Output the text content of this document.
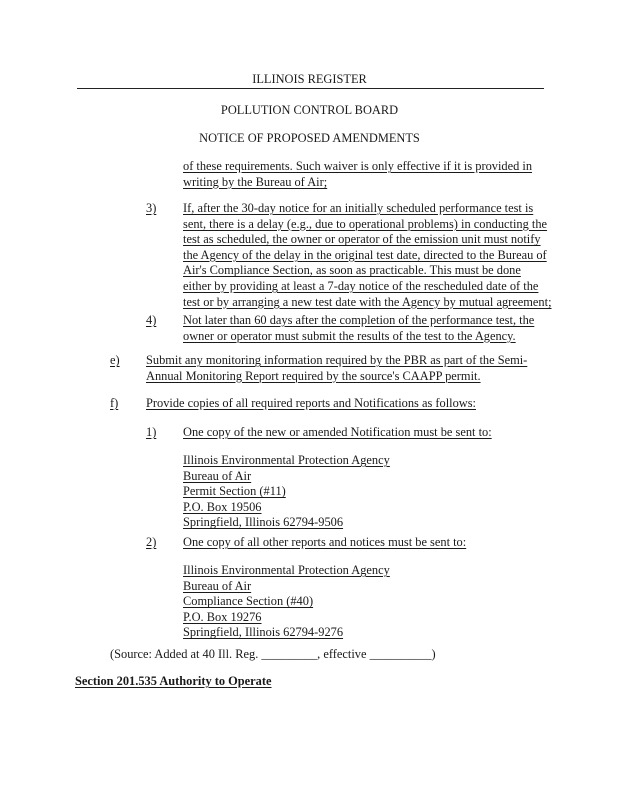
ILLINOIS REGISTER
POLLUTION CONTROL BOARD
NOTICE OF PROPOSED AMENDMENTS
of these requirements. Such waiver is only effective if it is provided in
writing by the Bureau of Air;
3) If, after the 30-day notice for an initially scheduled performance test is
sent, there is a delay (e.g., due to operational problems) in conducting the
test as scheduled, the owner or operator of the emission unit must notify
the Agency of the delay in the original test date, directed to the Bureau of
Air's Compliance Section, as soon as practicable. This must be done
either by providing at least a 7-day notice of the rescheduled date of the
test or by arranging a new test date with the Agency by mutual agreement;
4) Not later than 60 days after the completion of the performance test, the
owner or operator must submit the results of the test to the Agency.
e) Submit any monitoring information required by the PBR as part of the Semi-
Annual Monitoring Report required by the source's CAAPP permit.
f) Provide copies of all required reports and Notifications as follows:
1) One copy of the new or amended Notification must be sent to:
Illinois Environmental Protection Agency
Bureau of Air
Permit Section (#11)
P.O. Box 19506
Springfield, Illinois 62794-9506
2) One copy of all other reports and notices must be sent to:
Illinois Environmental Protection Agency
Bureau of Air
Compliance Section (#40)
P.O. Box 19276
Springfield, Illinois 62794-9276
(Source: Added at 40 Ill. Reg. _________, effective __________)
Section 201.535 Authority to Operate
